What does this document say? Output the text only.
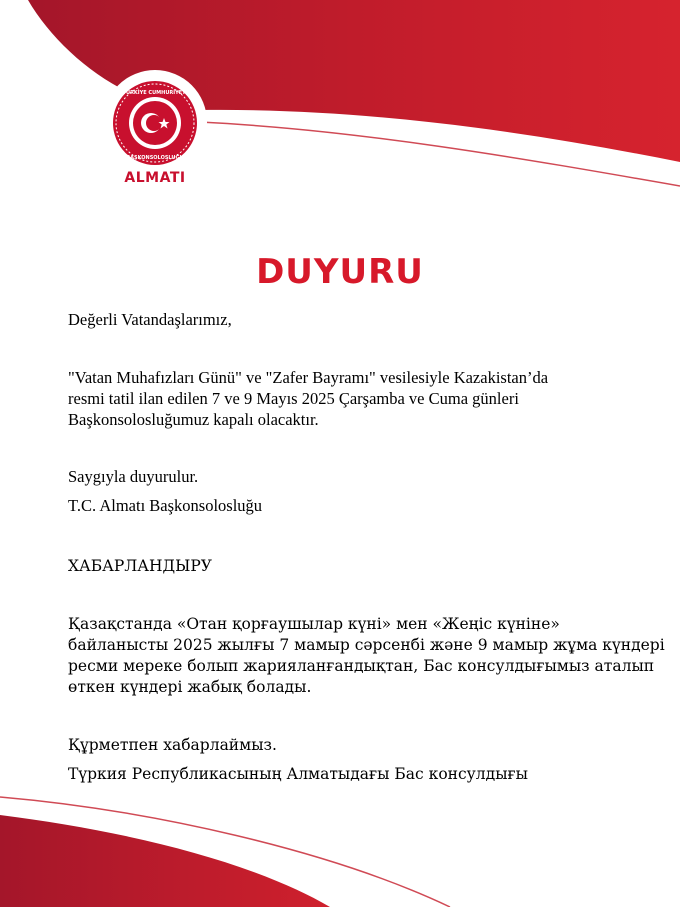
TÜRKİYE CUMHURİYETİ
BAŞKONSOLOSLUĞU
ALMATI
DUYURU

Değerli Vatandaşlarımız,

"Vatan Muhafızları Günü" ve "Zafer Bayramı" vesilesiyle Kazakistan’da

resmi tatil ilan edilen 7 ve 9 Mayıs 2025 Çarşamba ve Cuma günleri

Başkonsolosluğumuz kapalı olacaktır.

Saygıyla duyurulur.

T.C. Almatı Başkonsolosluğu

ХАБАРЛАНДЫРУ

Қазақстанда «Отан қорғаушылар күні» мен «Жеңіс күніне»

байланысты 2025 жылғы 7 мамыр сәрсенбі және 9 мамыр жұма күндері

ресми мереке болып жарияланғандықтан, Бас консулдығымыз аталып

өткен күндері жабық болады.

Құрметпен хабарлаймыз.

Түркия Республикасының Алматыдағы Бас консулдығы
